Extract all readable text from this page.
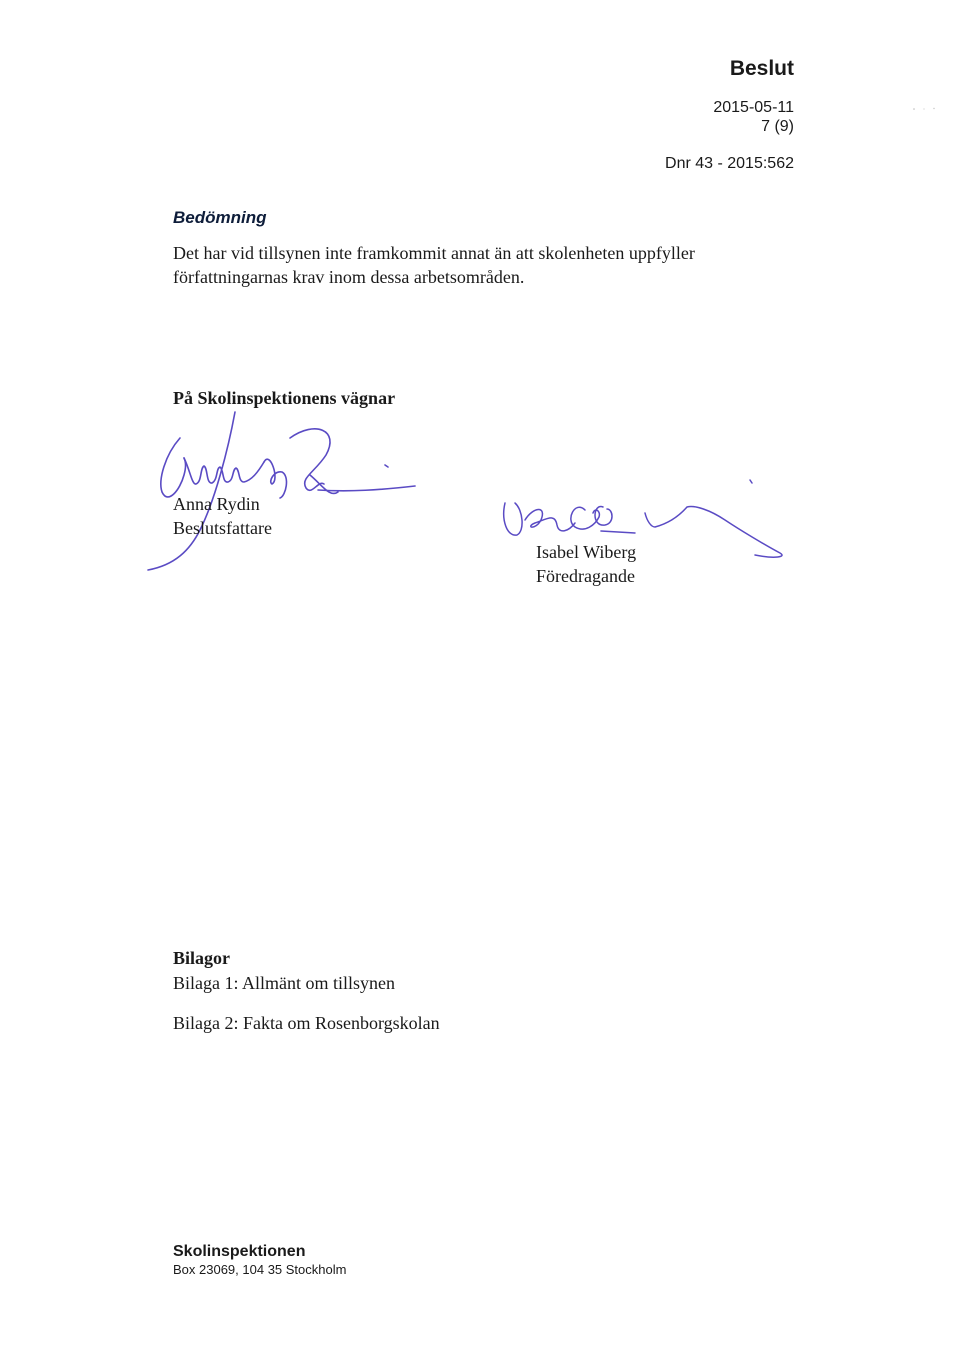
Beslut
2015-05-11
7 (9)
Dnr 43 - 2015:562
Bedömning

Det har vid tillsynen inte framkommit annat än att skolenheten uppfyller författningarnas krav inom dessa arbetsområden.

På Skolinspektionens vägnar
Anna Rydin
Beslutsfattare
Isabel Wiberg
Föredragande
Bilagor
Bilaga 1: Allmänt om tillsynen
Bilaga 2: Fakta om Rosenborgskolan
Skolinspektionen
Box 23069, 104 35 Stockholm
